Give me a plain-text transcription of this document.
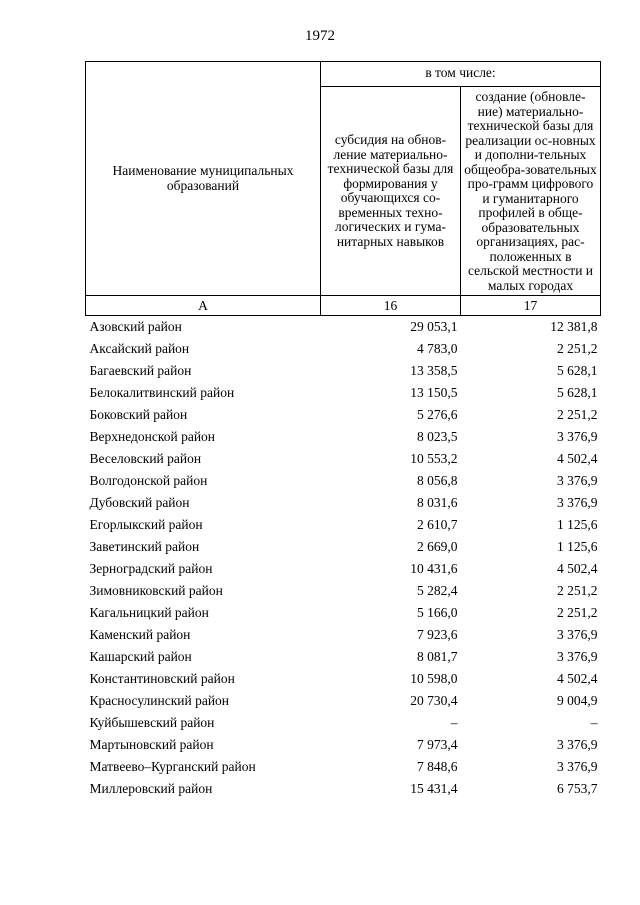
1972
Наименование муниципальных образований	в том числе:	
	субсидия на обнов-ление материально-технической базы для формирования у обучающихся со-временных техно-логических и гума-нитарных навыков	создание (обновле-ние) материально-технической базы для реализации ос-новных и дополни-тельных общеобра-зовательных про-грамм цифрового и гуманитарного профилей в обще-образовательных организациях, рас-положенных в сельской местности и малых городах
А	16	17
Азовский район	29 053,1	12 381,8
Аксайский район	4 783,0	2 251,2
Багаевский район	13 358,5	5 628,1
Белокалитвинский район	13 150,5	5 628,1
Боковский район	5 276,6	2 251,2
Верхнедонской район	8 023,5	3 376,9
Веселовский район	10 553,2	4 502,4
Волгодонской район	8 056,8	3 376,9
Дубовский район	8 031,6	3 376,9
Егорлыкский район	2 610,7	1 125,6
Заветинский район	2 669,0	1 125,6
Зерноградский район	10 431,6	4 502,4
Зимовниковский район	5 282,4	2 251,2
Кагальницкий район	5 166,0	2 251,2
Каменский район	7 923,6	3 376,9
Кашарский район	8 081,7	3 376,9
Константиновский район	10 598,0	4 502,4
Красносулинский район	20 730,4	9 004,9
Куйбышевский район	–	–
Мартыновский район	7 973,4	3 376,9
Матвеево–Курганский район	7 848,6	3 376,9
Миллеровский район	15 431,4	6 753,7
